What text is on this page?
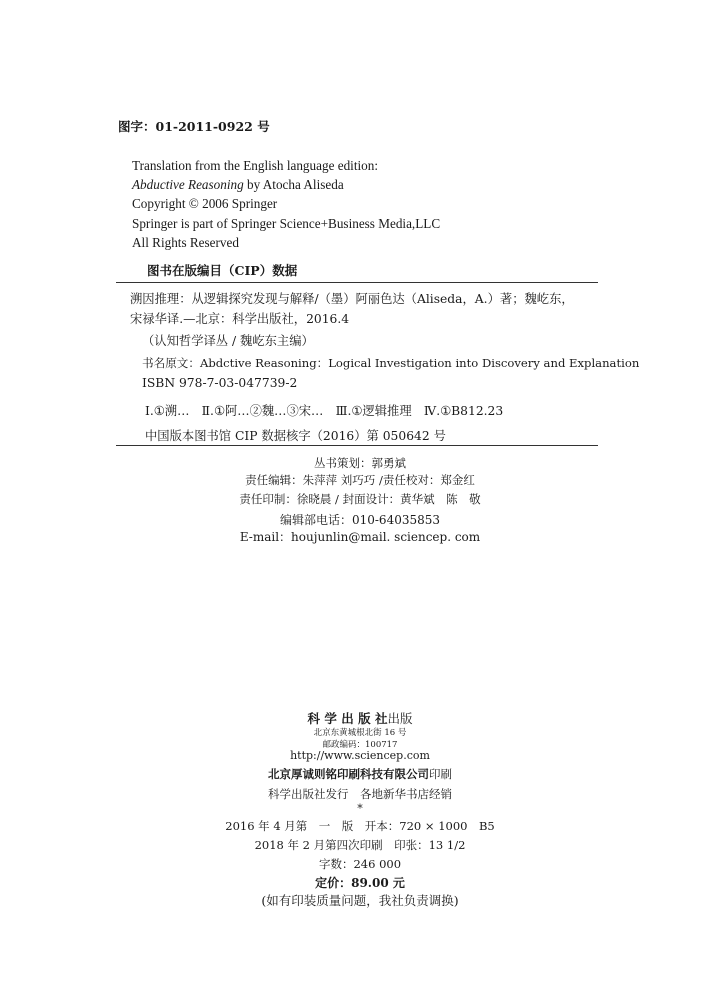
图字：01-2011-0922 号
Translation from the English language edition:
Abductive Reasoning by Atocha Aliseda
Copyright © 2006 Springer
Springer is part of Springer Science+Business Media,LLC
All Rights Reserved
图书在版编目（CIP）数据
溯因推理：从逻辑探究发现与解释/（墨）阿丽色达（Aliseda，A.）著；魏屹东，
宋禄华译.—北京：科学出版社，2016.4
（认知哲学译丛 / 魏屹东主编）
书名原文：Abdctive Reasoning：Logical Investigation into Discovery and Explanation
ISBN 978-7-03-047739-2
Ⅰ.①溯…　Ⅱ.①阿…②魏…③宋…　Ⅲ.①逻辑推理　Ⅳ.①B812.23
中国版本图书馆 CIP 数据核字（2016）第 050642 号
丛书策划：郭勇斌
责任编辑：朱萍萍 刘巧巧 /责任校对：郑金红
责任印制：徐晓晨 / 封面设计：黄华斌　陈　敬
编辑部电话：010-64035853
E-mail：houjunlin@mail. sciencep. com
科 学 出 版 社出版
北京东黄城根北街 16 号
邮政编码：100717
http://www.sciencep.com
北京厚诚则铭印刷科技有限公司印刷
科学出版社发行　各地新华书店经销
*
2016 年 4 月第　一　版　开本：720 × 1000　B5
2018 年 2 月第四次印刷　印张：13 1/2
字数：246 000
定价：89.00 元
(如有印装质量问题，我社负责调换)
